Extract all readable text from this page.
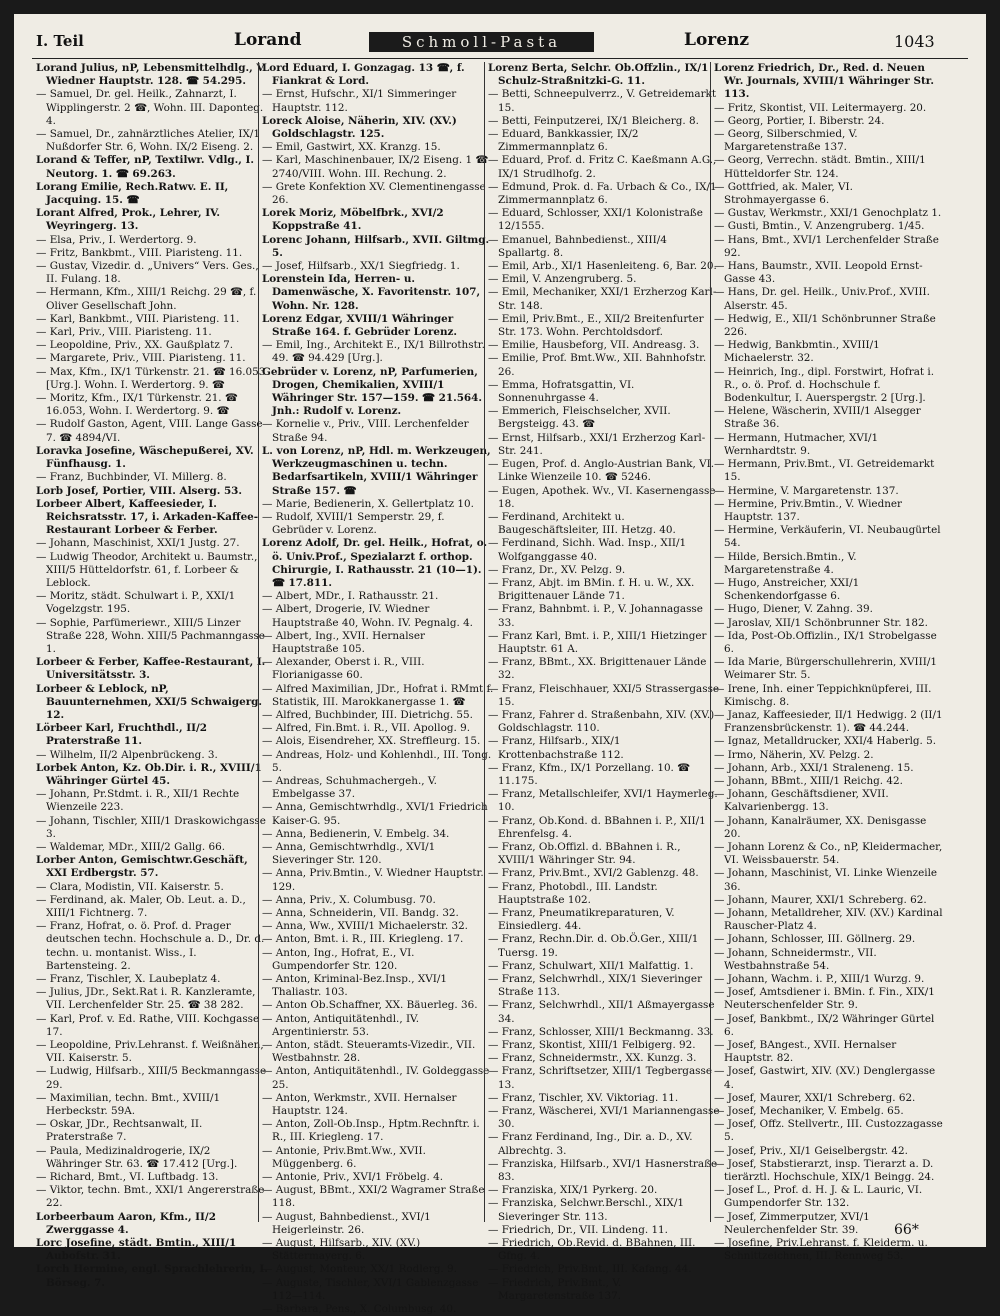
I. Teil	Lorand	Schmoll-Pasta	Lorenz	1043
Lorand Julius, nP, Lebensmittelhdlg., V. Wiedner Hauptstr. 128. ☎ 54.295.
— Samuel, Dr. gel. Heilk., Zahnarzt, I. Wipplingerstr. 2 ☎, Wohn. III. Daponteg. 4.
— Samuel, Dr., zahnärztliches Atelier, IX/1 Nußdorfer Str. 6, Wohn. IX/2 Eiseng. 2.
Lorand & Teffer, nP, Textilwr. Vdlg., I. Neutorg. 1. ☎ 69.263.
Lorang Emilie, Rech.Ratwv. E. II, Jacquing. 15. ☎
Lorant Alfred, Prok., Lehrer, IV. Weyringerg. 13.
— Elsa, Priv., I. Werdertorg. 9.
— Fritz, Bankbmt., VIII. Piaristeng. 11.
— Gustav, Vizedir. d. „Univers“ Vers. Ges., II. Fulang. 18.
— Hermann, Kfm., XIII/1 Reichg. 29 ☎, f. Oliver Gesellschaft John.
— Karl, Bankbmt., VIII. Piaristeng. 11.
— Karl, Priv., VIII. Piaristeng. 11.
— Leopoldine, Priv., XX. Gaußplatz 7.
— Margarete, Priv., VIII. Piaristeng. 11.
— Max, Kfm., IX/1 Türkenstr. 21. ☎ 16.053 [Urg.]. Wohn. I. Werdertorg. 9. ☎
— Moritz, Kfm., IX/1 Türkenstr. 21. ☎ 16.053, Wohn. I. Werdertorg. 9. ☎
— Rudolf Gaston, Agent, VIII. Lange Gasse 7. ☎ 4894/VI.
Loravka Josefine, Wäschepußerei, XV. Fünfhausg. 1.
— Franz, Buchbinder, VI. Millerg. 8.
Lorb Josef, Portier, VIII. Alserg. 53.
Lorbeer Albert, Kaffeesieder, I. Reichsratsstr. 17, i. Arkaden-Kaffee-Restaurant Lorbeer & Ferber.
— Johann, Maschinist, XXI/1 Justg. 27.
— Ludwig Theodor, Architekt u. Baumstr., XIII/5 Hütteldorfstr. 61, f. Lorbeer & Leblock.
— Moritz, städt. Schulwart i. P., XXI/1 Vogelzgstr. 195.
— Sophie, Parfümeriewr., XIII/5 Linzer Straße 228, Wohn. XIII/5 Pachmanngasse 1.
Lorbeer & Ferber, Kaffee-Restaurant, I. Universitätsstr. 3.
Lorbeer & Leblock, nP, Bauunternehmen, XXI/5 Schwaigerg. 12.
Lörbeer Karl, Fruchthdl., II/2 Praterstraße 11.
— Wilhelm, II/2 Alpenbrückeng. 3.
Lorbek Anton, Kz. Ob.Dir. i. R., XVIII/1 Währinger Gürtel 45.
— Johann, Pr.Stdmt. i. R., XII/1 Rechte Wienzeile 223.
— Johann, Tischler, XIII/1 Draskowichgasse 3.
— Waldemar, MDr., XIII/2 Gallg. 66.
Lorber Anton, Gemischtwr.Geschäft, XXI Erdbergstr. 57.
— Clara, Modistin, VII. Kaiserstr. 5.
— Ferdinand, ak. Maler, Ob. Leut. a. D., XIII/1 Fichtnerg. 7.
— Franz, Hofrat, o. ö. Prof. d. Prager deutschen techn. Hochschule a. D., Dr. d. techn. u. montanist. Wiss., I. Bartensteing. 2.
— Franz, Tischler, X. Laubeplatz 4.
— Julius, JDr., Sekt.Rat i. R. Kanzleramte, VII. Lerchenfelder Str. 25. ☎ 38 282.
— Karl, Prof. v. Ed. Rathe, VIII. Kochgasse 17.
— Leopoldine, Priv.Lehranst. f. Weißnähen, VII. Kaiserstr. 5.
— Ludwig, Hilfsarb., XIII/5 Beckmanngasse 29.
— Maximilian, techn. Bmt., XVIII/1 Herbeckstr. 59A.
— Oskar, JDr., Rechtsanwalt, II. Praterstraße 7.
— Paula, Medizinaldrogerie, IX/2 Währinger Str. 63. ☎ 17.412 [Urg.].
— Richard, Bmt., VI. Luftbadg. 13.
— Viktor, techn. Bmt., XXI/1 Angererstraße 22.
Lorbeerbaum Aaron, Kfm., II/2 Zwerggasse 4.
Lorc Josefine, städt. Bmtin., XIII/1 Aubofstr. 31.
Lorch Hermine, engl. Sprachlehrerin, I. Börseg. 7.
Lord Eduard, I. Gonzagag. 13 ☎, f. Fiankrat & Lord.
— Ernst, Hufschr., XI/1 Simmeringer Hauptstr. 112.
Loreck Aloise, Näherin, XIV. (XV.) Goldschlagstr. 125.
— Emil, Gastwirt, XX. Kranzg. 15.
— Karl, Maschinenbauer, IX/2 Eiseng. 1 ☎ 2740/VIII. Wohn. III. Rechung. 2.
— Grete Konfektion XV. Clementinengasse 26.
Lorek Moriz, Möbelfbrk., XVI/2 Koppstraße 41.
Lorenc Johann, Hilfsarb., XVII. Giltmg. 5.
— Josef, Hilfsarb., XX/1 Siegfriedg. 1.
Lorenstein Ida, Herren- u. Damenwäsche, X. Favoritenstr. 107, Wohn. Nr. 128.
Lorenz Edgar, XVIII/1 Währinger Straße 164. f. Gebrüder Lorenz.
— Emil, Ing., Architekt E., IX/1 Billrothstr. 49. ☎ 94.429 [Urg.].
Gebrüder v. Lorenz, nP, Parfumerien, Drogen, Chemikalien, XVIII/1 Währinger Str. 157—159. ☎ 21.564. Jnh.: Rudolf v. Lorenz.
— Kornelie v., Priv., VIII. Lerchenfelder Straße 94.
L. von Lorenz, nP, Hdl. m. Werkzeugen, Werkzeugmaschinen u. techn. Bedarfsartikeln, XVIII/1 Währinger Straße 157. ☎
— Marie, Bedienerin, X. Gellertplatz 10.
— Rudolf, XVIII/1 Semperstr. 29, f. Gebrüder v. Lorenz.
Lorenz Adolf, Dr. gel. Heilk., Hofrat, o. ö. Univ.Prof., Spezialarzt f. orthop. Chirurgie, I. Rathausstr. 21 (10—1). ☎ 17.811.
— Albert, MDr., I. Rathausstr. 21.
— Albert, Drogerie, IV. Wiedner Hauptstraße 40, Wohn. IV. Pegnalg. 4.
— Albert, Ing., XVII. Hernalser Hauptstraße 105.
— Alexander, Oberst i. R., VIII. Florianigasse 60.
— Alfred Maximilian, JDr., Hofrat i. RMmt f. Statistik, III. Marokkanergasse 1. ☎
— Alfred, Buchbinder, III. Dietrichg. 55.
— Alfred, Fin.Bmt. i. R., VII. Apollog. 9.
— Alois, Eisendreher, XX. Streffleurg. 15.
— Andreas, Holz- und Kohlenhdl., III. Tong. 5.
— Andreas, Schuhmachergeh., V. Embelgasse 37.
— Anna, Gemischtwrhdlg., XVI/1 Friedrich Kaiser-G. 95.
— Anna, Bedienerin, V. Embelg. 34.
— Anna, Gemischtwrhdlg., XVI/1 Sieveringer Str. 120.
— Anna, Priv.Bmtin., V. Wiedner Hauptstr. 129.
— Anna, Priv., X. Columbusg. 70.
— Anna, Schneiderin, VII. Bandg. 32.
— Anna, Ww., XVIII/1 Michaelerstr. 32.
— Anton, Bmt. i. R., III. Kriegleng. 17.
— Anton, Ing., Hofrat, E., VI. Gumpendorfer Str. 120.
— Anton, Kriminal-Bez.Insp., XVI/1 Thaliastr. 103.
— Anton Ob.Schaffner, XX. Bäuerleg. 36.
— Anton, Antiquitätenhdl., IV. Argentinierstr. 53.
— Anton, städt. Steueramts-Vizedir., VII. Westbahnstr. 28.
— Anton, Antiquitätenhdl., IV. Goldeggasse 25.
— Anton, Werkmstr., XVII. Hernalser Hauptstr. 124.
— Anton, Zoll-Ob.Insp., Hptm.Rechnftr. i. R., III. Kriegleng. 17.
— Antonie, Priv.Bmt.Ww., XVII. Müggenberg. 6.
— Antonie, Priv., XVI/1 Fröbelg. 4.
— August, BBmt., XXI/2 Wagramer Straße 118.
— August, Bahnbedienst., XVI/1 Heigerleinstr. 26.
— August, Hilfsarb., XIV. (XV.) Stättermayerg. 6.
— August, Monteur, XX/1 Rodlerg. 9.
— Auguste, Tischler, XVI/1 Gablenzgasse 112—114.
— Barbara, Pens., X. Columbusg. 40.
Lorenz Berta, Selchr. Ob.Offzlin., IX/1 Schulz-Straßnitzki-G. 11.
— Betti, Schneepulverrz., V. Getreidemarkt 15.
— Betti, Feinputzerei, IX/1 Bleicherg. 8.
— Eduard, Bankkassier, IX/2 Zimmermannplatz 6.
— Eduard, Prof. d. Fritz C. Kaeßmann A.G., IX/1 Strudlhofg. 2.
— Edmund, Prok. d. Fa. Urbach & Co., IX/1 Zimmermannplatz 6.
— Eduard, Schlosser, XXI/1 Kolonistraße 12/1555.
— Emanuel, Bahnbedienst., XIII/4 Spallartg. 8.
— Emil, Arb., XI/1 Hasenleiteng. 6, Bar. 20.
— Emil, V. Anzengruberg. 5.
— Emil, Mechaniker, XXI/1 Erzherzog Karl-Str. 148.
— Emil, Priv.Bmt., E., XII/2 Breitenfurter Str. 173. Wohn. Perchtoldsdorf.
— Emilie, Hausbeforg, VII. Andreasg. 3.
— Emilie, Prof. Bmt.Ww., XII. Bahnhofstr. 26.
— Emma, Hofratsgattin, VI. Sonnenuhrgasse 4.
— Emmerich, Fleischselcher, XVII. Bergsteigg. 43. ☎
— Ernst, Hilfsarb., XXI/1 Erzherzog Karl-Str. 241.
— Eugen, Prof. d. Anglo-Austrian Bank, VI. Linke Wienzeile 10. ☎ 5246.
— Eugen, Apothek. Wv., VI. Kasernengasse 18.
— Ferdinand, Architekt u. Baugeschäftsleiter, III. Hetzg. 40.
— Ferdinand, Sichh. Wad. Insp., XII/1 Wolfganggasse 40.
— Franz, Dr., XV. Pelzg. 9.
— Franz, Abjt. im BMin. f. H. u. W., XX. Brigittenauer Lände 71.
— Franz, Bahnbmt. i. P., V. Johannagasse 33.
— Franz Karl, Bmt. i. P., XIII/1 Hietzinger Hauptstr. 61 A.
— Franz, BBmt., XX. Brigittenauer Lände 32.
— Franz, Fleischhauer, XXI/5 Strassergasse 15.
— Franz, Fahrer d. Straßenbahn, XIV. (XV.) Goldschlagstr. 110.
— Franz, Hilfsarb., XIX/1 Krottenbachstraße 112.
— Franz, Kfm., IX/1 Porzellang. 10. ☎ 11.175.
— Franz, Metallschleifer, XVI/1 Haymerleg. 10.
— Franz, Ob.Kond. d. BBahnen i. P., XII/1 Ehrenfelsg. 4.
— Franz, Ob.Offizl. d. BBahnen i. R., XVIII/1 Währinger Str. 94.
— Franz, Priv.Bmt., XVI/2 Gablenzg. 48.
— Franz, Photobdl., III. Landstr. Hauptstraße 102.
— Franz, Pneumatikreparaturen, V. Einsiedlerg. 44.
— Franz, Rechn.Dir. d. Ob.Ö.Ger., XIII/1 Tuersg. 19.
— Franz, Schulwart, XII/1 Malfattig. 1.
— Franz, Selchwrhdl., XIX/1 Sieveringer Straße 113.
— Franz, Selchwrhdl., XII/1 Aßmayergasse 34.
— Franz, Schlosser, XIII/1 Beckmanng. 33.
— Franz, Skontist, XIII/1 Felbigerg. 92.
— Franz, Schneidermstr., XX. Kunzg. 3.
— Franz, Schriftsetzer, XIII/1 Tegbergasse 13.
— Franz, Tischler, XV. Viktoriag. 11.
— Franz, Wäscherei, XVI/1 Mariannengasse 30.
— Franz Ferdinand, Ing., Dir. a. D., XV. Albrechtg. 3.
— Franziska, Hilfsarb., XVI/1 Hasnerstraße 83.
— Franziska, XIX/1 Pyrkerg. 20.
— Franziska, Selchwr.Berschl., XIX/1 Sieveringer Str. 113.
— Friedrich, Dr., VII. Lindeng. 11.
— Friedrich, Ob.Revid. d. BBahnen, III. Gfng. 4.
— Friedrich, Priv.Bmt., III. Kafang. 44.
— Friedrich, Priv.Bmt., V. Margaretenstraße 137.
Lorenz Friedrich, Dr., Red. d. Neuen Wr. Journals, XVIII/1 Währinger Str. 113.
— Fritz, Skontist, VII. Leitermayerg. 20.
— Georg, Portier, I. Biberstr. 24.
— Georg, Silberschmied, V. Margaretenstraße 137.
— Georg, Verrechn. städt. Bmtin., XIII/1 Hütteldorfer Str. 124.
— Gottfried, ak. Maler, VI. Strohmayergasse 6.
— Gustav, Werkmstr., XXI/1 Genochplatz 1.
— Gusti, Bmtin., V. Anzengruberg. 1/45.
— Hans, Bmt., XVI/1 Lerchenfelder Straße 92.
— Hans, Baumstr., XVII. Leopold Ernst-Gasse 43.
— Hans, Dr. gel. Heilk., Univ.Prof., XVIII. Alserstr. 45.
— Hedwig, E., XII/1 Schönbrunner Straße 226.
— Hedwig, Bankbmtin., XVIII/1 Michaelerstr. 32.
— Heinrich, Ing., dipl. Forstwirt, Hofrat i. R., o. ö. Prof. d. Hochschule f. Bodenkultur, I. Auerspergstr. 2 [Urg.].
— Helene, Wäscherin, XVIII/1 Alsegger Straße 36.
— Hermann, Hutmacher, XVI/1 Wernhardtstr. 9.
— Hermann, Priv.Bmt., VI. Getreidemarkt 15.
— Hermine, V. Margaretenstr. 137.
— Hermine, Priv.Bmtin., V. Wiedner Hauptstr. 137.
— Hermine, Verkäuferin, VI. Neubaugürtel 54.
— Hilde, Bersich.Bmtin., V. Margaretenstraße 4.
— Hugo, Anstreicher, XXI/1 Schenkendorfgasse 6.
— Hugo, Diener, V. Zahng. 39.
— Jaroslav, XII/1 Schönbrunner Str. 182.
— Ida, Post-Ob.Offizlin., IX/1 Strobelgasse 6.
— Ida Marie, Bürgerschullehrerin, XVIII/1 Weimarer Str. 5.
— Irene, Inh. einer Teppichknüpferei, III. Kimischg. 8.
— Janaz, Kaffeesieder, II/1 Hedwigg. 2 (II/1 Franzensbrückenstr. 1). ☎ 44.244.
— Ignaz, Metalldrucker, XXI/4 Haberlg. 5.
— Irmo, Näherin, XV. Pelzg. 2.
— Johann, Arb., XXI/1 Straleneng. 15.
— Johann, BBmt., XIII/1 Reichg. 42.
— Johann, Geschäftsdiener, XVII. Kalvarienbergg. 13.
— Johann, Kanalräumer, XX. Denisgasse 20.
— Johann Lorenz & Co., nP, Kleidermacher, VI. Weissbauerstr. 54.
— Johann, Maschinist, VI. Linke Wienzeile 36.
— Johann, Maurer, XXI/1 Schreberg. 62.
— Johann, Metalldreher, XIV. (XV.) Kardinal Rauscher-Platz 4.
— Johann, Schlosser, III. Göllnerg. 29.
— Johann, Schneidermstr., VII. Westbahnstraße 54.
— Johann, Wachm. i. P., XIII/1 Wurzg. 9.
— Josef, Amtsdiener i. BMin. f. Fin., XIX/1 Neuterschenfelder Str. 9.
— Josef, Bankbmt., IX/2 Währinger Gürtel 6.
— Josef, BAngest., XVII. Hernalser Hauptstr. 82.
— Josef, Gastwirt, XIV. (XV.) Denglergasse 4.
— Josef, Maurer, XXI/1 Schreberg. 62.
— Josef, Mechaniker, V. Embelg. 65.
— Josef, Offz. Stellvertr., III. Custozzagasse 5.
— Josef, Priv., XI/1 Geiselbergstr. 42.
— Josef, Stabstierarzt, insp. Tierarzt a. D. tierärztl. Hochschule, XIX/1 Beingg. 24.
— Josef L., Prof. d. H. J. & L. Lauric, VI. Gumpendorfer Str. 132.
— Josef, Zimmerputzer, XVI/1 Neulerchenfelder Str. 39.
— Josefine, Priv.Lehranst. f. Kleiderm. u. Schnittzeichnen, III. Rennweg 53.
66*
